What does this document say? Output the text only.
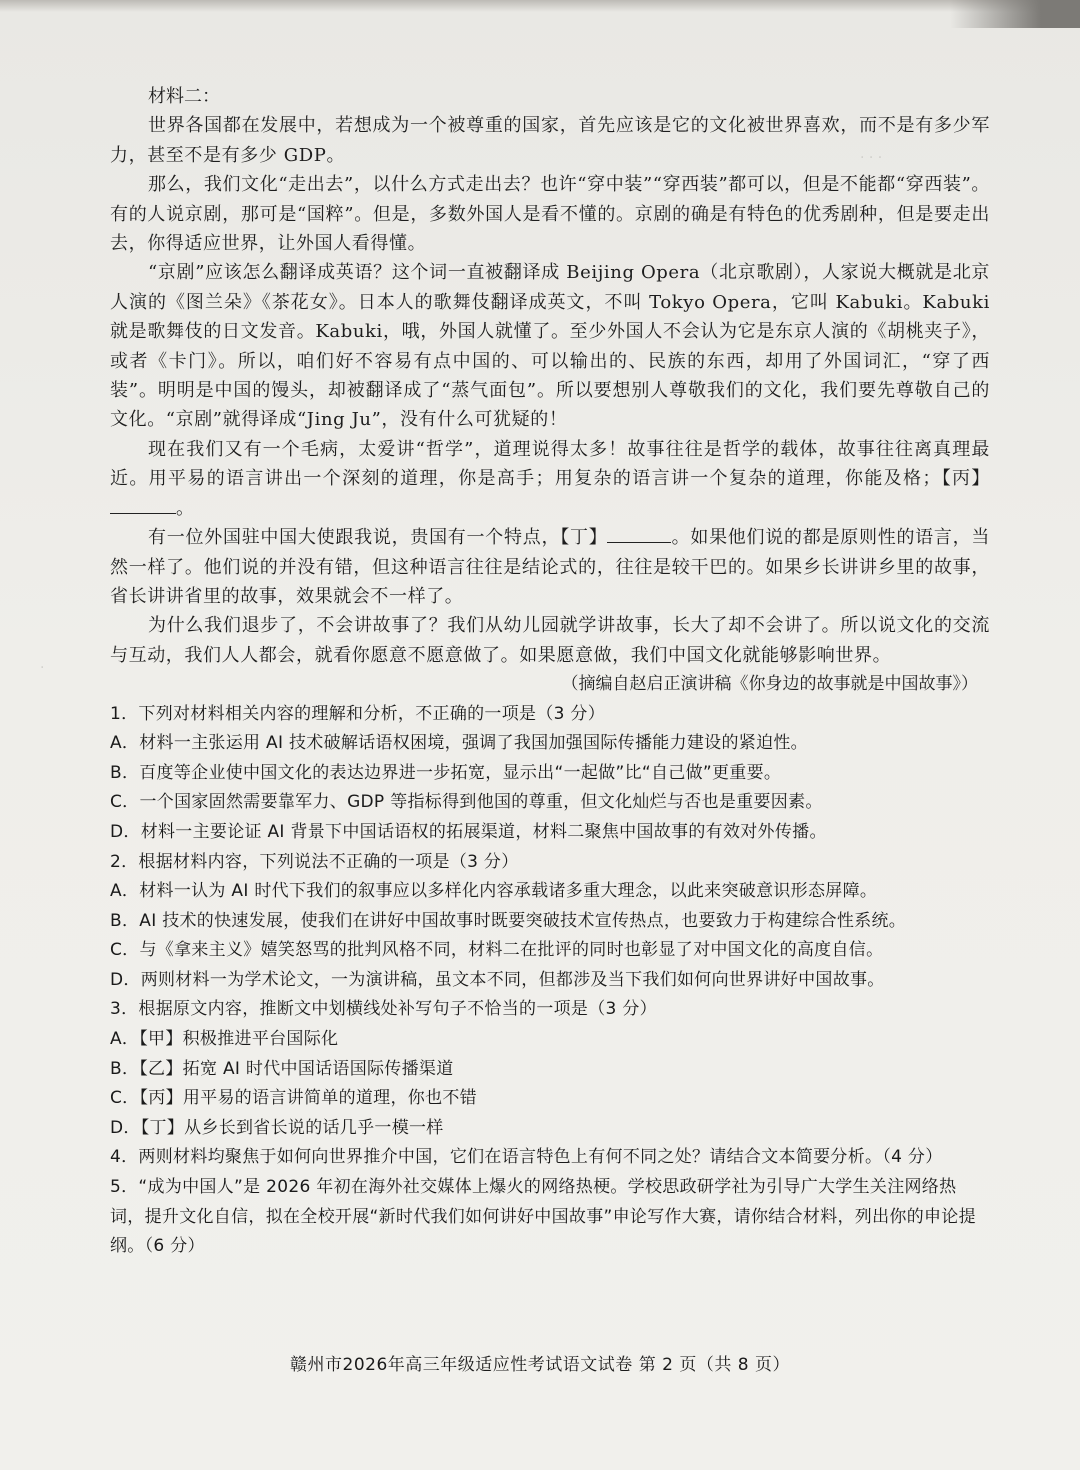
· · ·
·

材料二：

世界各国都在发展中，若想成为一个被尊重的国家，首先应该是它的文化被世界喜欢，而不是有多少军力，甚至不是有多少 GDP。

那么，我们文化“走出去”，以什么方式走出去？也许“穿中装”“穿西装”都可以，但是不能都“穿西装”。有的人说京剧，那可是“国粹”。但是，多数外国人是看不懂的。京剧的确是有特色的优秀剧种，但是要走出去，你得适应世界，让外国人看得懂。

“京剧”应该怎么翻译成英语？这个词一直被翻译成 Beijing Opera（北京歌剧），人家说大概就是北京人演的《图兰朵》《茶花女》。日本人的歌舞伎翻译成英文，不叫 Tokyo Opera，它叫 Kabuki。Kabuki 就是歌舞伎的日文发音。Kabuki，哦，外国人就懂了。至少外国人不会认为它是东京人演的《胡桃夹子》，或者《卡门》。所以，咱们好不容易有点中国的、可以输出的、民族的东西，却用了外国词汇，“穿了西装”。明明是中国的馒头，却被翻译成了“蒸气面包”。所以要想别人尊敬我们的文化，我们要先尊敬自己的文化。“京剧”就得译成“Jing Ju”，没有什么可犹疑的！

现在我们又有一个毛病，太爱讲“哲学”，道理说得太多！故事往往是哲学的载体，故事往往离真理最近。用平易的语言讲出一个深刻的道理，你是高手；用复杂的语言讲一个复杂的道理，你能及格；【丙】。

有一位外国驻中国大使跟我说，贵国有一个特点，【丁】	。如果他们说的都是原则性的语言，当然一样了。他们说的并没有错，但这种语言往往是结论式的，往往是较干巴的。如果乡长讲讲乡里的故事，省长讲讲省里的故事，效果就会不一样了。

为什么我们退步了，不会讲故事了？我们从幼儿园就学讲故事，长大了却不会讲了。所以说文化的交流与互动，我们人人都会，就看你愿意不愿意做了。如果愿意做，我们中国文化就能够影响世界。

（摘编自赵启正演讲稿《你身边的故事就是中国故事》）

1．下列对材料相关内容的理解和分析，不正确的一项是（3 分）

A．材料一主张运用 AI 技术破解话语权困境，强调了我国加强国际传播能力建设的紧迫性。

B．百度等企业使中国文化的表达边界进一步拓宽，显示出“一起做”比“自己做”更重要。

C．一个国家固然需要靠军力、GDP 等指标得到他国的尊重，但文化灿烂与否也是重要因素。

D．材料一主要论证 AI 背景下中国话语权的拓展渠道，材料二聚焦中国故事的有效对外传播。

2．根据材料内容，下列说法不正确的一项是（3 分）

A．材料一认为 AI 时代下我们的叙事应以多样化内容承载诸多重大理念，以此来突破意识形态屏障。

B．AI 技术的快速发展，使我们在讲好中国故事时既要突破技术宣传热点，也要致力于构建综合性系统。

C．与《拿来主义》嬉笑怒骂的批判风格不同，材料二在批评的同时也彰显了对中国文化的高度自信。

D．两则材料一为学术论文，一为演讲稿，虽文本不同，但都涉及当下我们如何向世界讲好中国故事。

3．根据原文内容，推断文中划横线处补写句子不恰当的一项是（3 分）

A．【甲】积极推进平台国际化

B．【乙】拓宽 AI 时代中国话语国际传播渠道

C．【丙】用平易的语言讲简单的道理，你也不错

D．【丁】从乡长到省长说的话几乎一模一样

4．两则材料均聚焦于如何向世界推介中国，它们在语言特色上有何不同之处？请结合文本简要分析。（4 分）

5．“成为中国人”是 2026 年初在海外社交媒体上爆火的网络热梗。学校思政研学社为引导广大学生关注网络热词，提升文化自信，拟在全校开展“新时代我们如何讲好中国故事”申论写作大赛，请你结合材料，列出你的申论提纲。（6 分）

赣州市2026年高三年级适应性考试语文试卷 第 2 页（共 8 页）
